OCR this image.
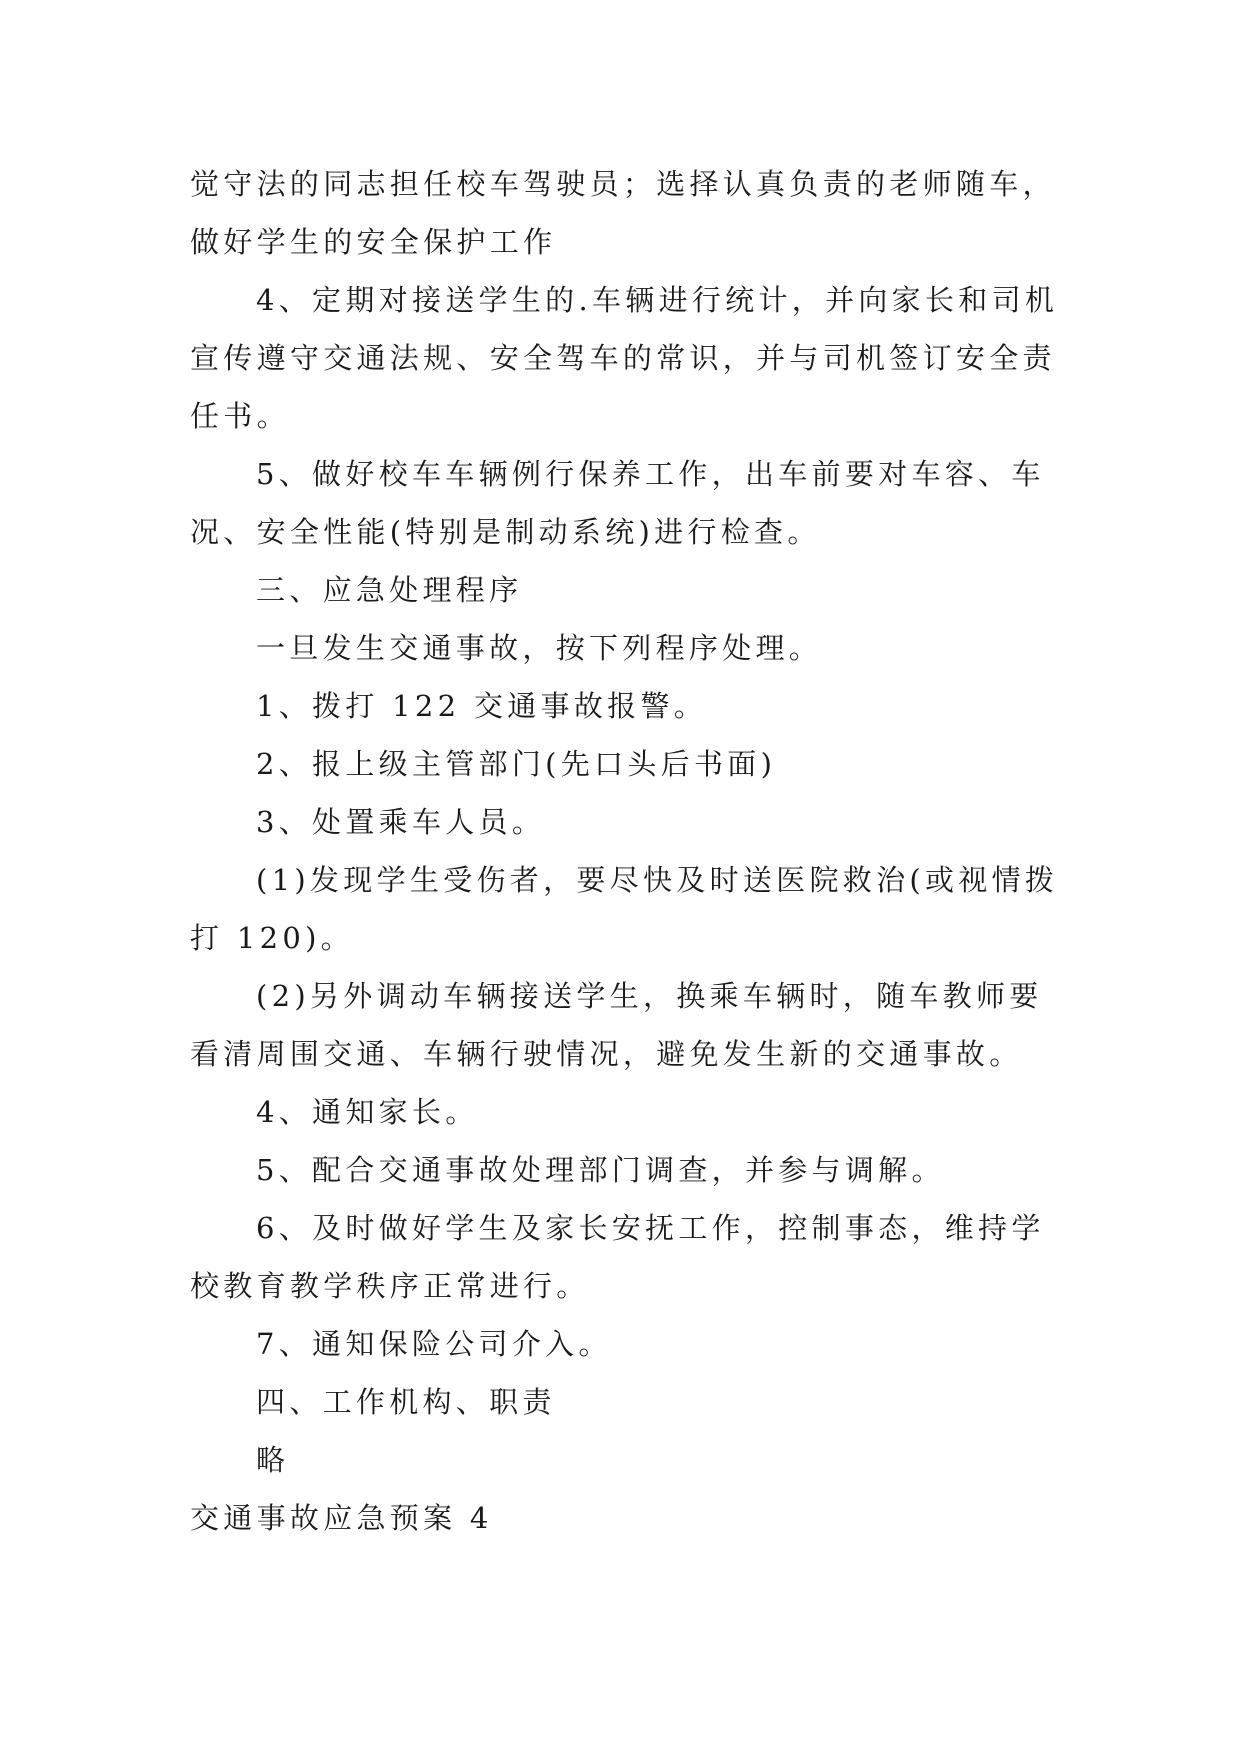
觉守法的同志担任校车驾驶员；选择认真负责的老师随车，做好学生的安全保护工作

4、定期对接送学生的.车辆进行统计，并向家长和司机宣传遵守交通法规、安全驾车的常识，并与司机签订安全责任书。

5、做好校车车辆例行保养工作，出车前要对车容、车况、安全性能(特别是制动系统)进行检查。

三、应急处理程序

一旦发生交通事故，按下列程序处理。

1、拨打 122 交通事故报警。

2、报上级主管部门(先口头后书面)

3、处置乘车人员。

(1)发现学生受伤者，要尽快及时送医院救治(或视情拨打 120)。

(2)另外调动车辆接送学生，换乘车辆时，随车教师要看清周围交通、车辆行驶情况，避免发生新的交通事故。

4、通知家长。

5、配合交通事故处理部门调查，并参与调解。

6、及时做好学生及家长安抚工作，控制事态，维持学校教育教学秩序正常进行。

7、通知保险公司介入。

四、工作机构、职责

略

交通事故应急预案 4
